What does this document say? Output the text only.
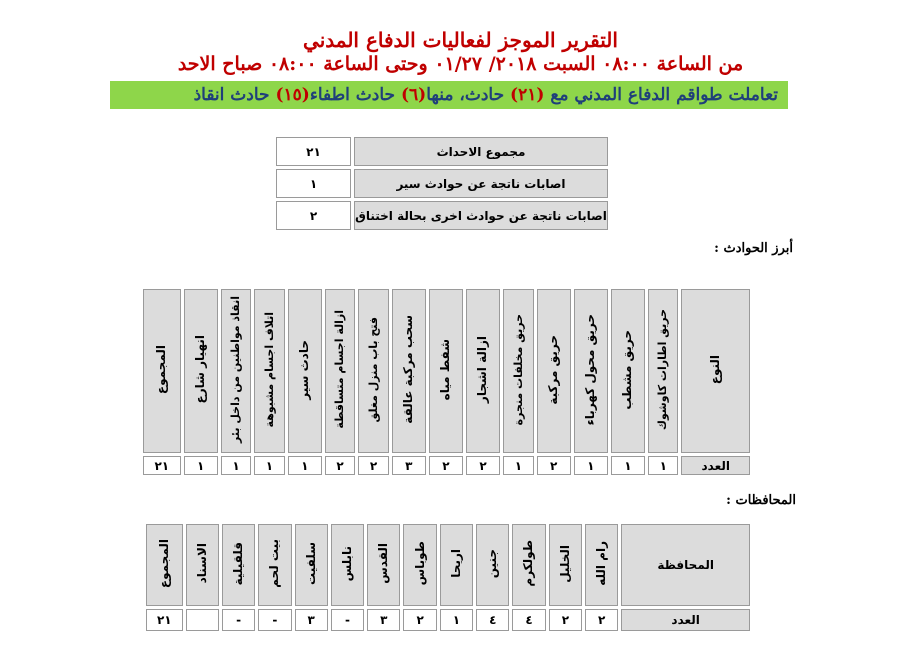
التقرير الموجز لفعاليات الدفاع المدني
من الساعة ٠٨:٠٠ السبت ٢٠١٨/ ٠١/٢٧ وحتى الساعة ٠٨:٠٠ صباح الاحد
تعاملت طواقم الدفاع المدني مع (٢١) حادث، منها(٦) حادث اطفاء(١٥) حادث انقاذ
مجموع الاحداث	٢١
اصابات ناتجة عن حوادث سير	١
اصابات ناتجة عن حوادث اخرى بحالة اختناق	٢
أبرز الحوادث :
النوع	حريق اطارات كاوشوك	حريق مشطب	حريق محول كهرباء	حريق مركبة	حريق مخلفات منجرة	ازالة اشجار	شفط مياه	سحب مركبة عالقة	فتح باب منزل مغلق	ازالة اجسام متساقطة	حادث سير	اتلاف اجسام مشبوهة	انقاذ مواطنين من داخل بئر	انهيار شارع	المجموع
العدد	١	١	١	٢	١	٢	٢	٣	٢	٢	١	١	١	١	٢١
المحافظات :
المحافظة	رام الله	الخليل	طولكرم	جنين	اريحا	طوباس	القدس	نابلس	سلفيت	بيت لحم	قلقيلية	الاسناد	المجموع
العدد	٢	٢	٤	٤	١	٢	٣	-	٣	-	-		٢١
